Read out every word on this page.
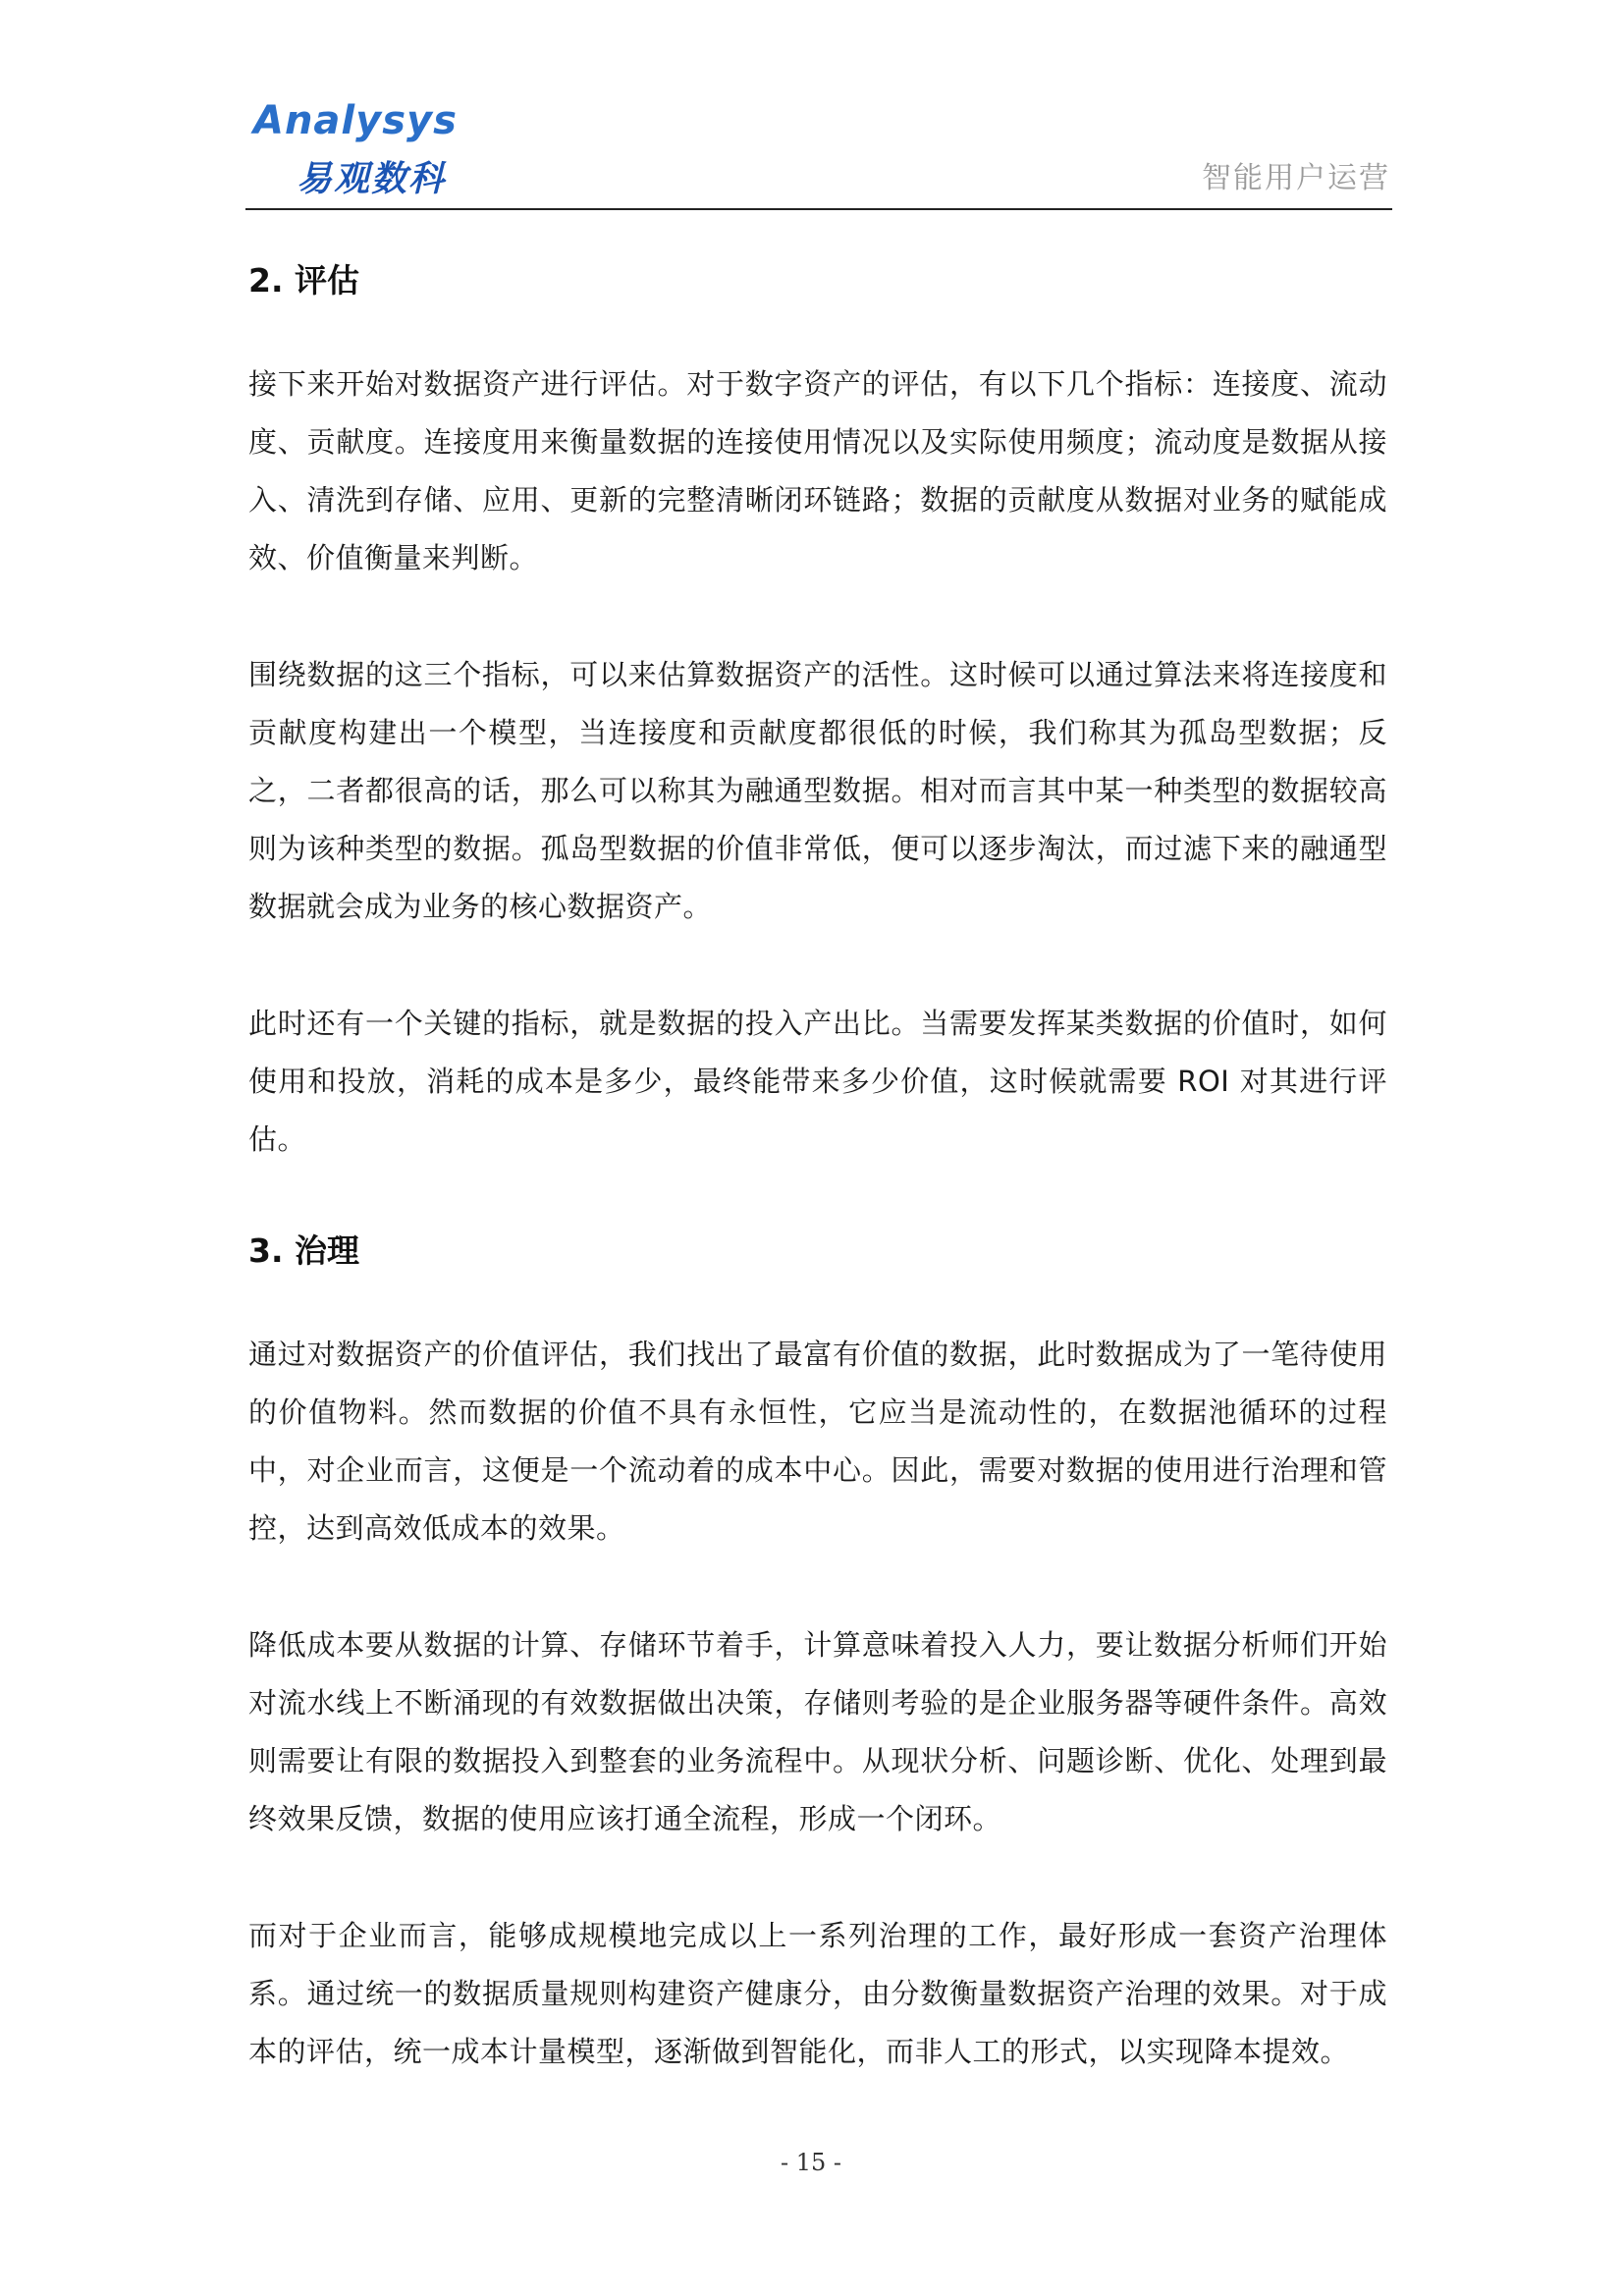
Analysys
易观数科	智能用户运营
2. 评估

接下来开始对数据资产进行评估。对于数字资产的评估，有以下几个指标：连接度、流动度、贡献度。连接度用来衡量数据的连接使用情况以及实际使用频度；流动度是数据从接入、清洗到存储、应用、更新的完整清晰闭环链路；数据的贡献度从数据对业务的赋能成效、价值衡量来判断。

围绕数据的这三个指标，可以来估算数据资产的活性。这时候可以通过算法来将连接度和贡献度构建出一个模型，当连接度和贡献度都很低的时候，我们称其为孤岛型数据；反之，二者都很高的话，那么可以称其为融通型数据。相对而言其中某一种类型的数据较高则为该种类型的数据。孤岛型数据的价值非常低，便可以逐步淘汰，而过滤下来的融通型数据就会成为业务的核心数据资产。

此时还有一个关键的指标，就是数据的投入产出比。当需要发挥某类数据的价值时，如何使用和投放，消耗的成本是多少，最终能带来多少价值，这时候就需要 ROI 对其进行评估。

3. 治理

通过对数据资产的价值评估，我们找出了最富有价值的数据，此时数据成为了一笔待使用的价值物料。然而数据的价值不具有永恒性，它应当是流动性的，在数据池循环的过程中，对企业而言，这便是一个流动着的成本中心。因此，需要对数据的使用进行治理和管控，达到高效低成本的效果。

降低成本要从数据的计算、存储环节着手，计算意味着投入人力，要让数据分析师们开始对流水线上不断涌现的有效数据做出决策，存储则考验的是企业服务器等硬件条件。高效则需要让有限的数据投入到整套的业务流程中。从现状分析、问题诊断、优化、处理到最终效果反馈，数据的使用应该打通全流程，形成一个闭环。

而对于企业而言，能够成规模地完成以上一系列治理的工作，最好形成一套资产治理体系。通过统一的数据质量规则构建资产健康分，由分数衡量数据资产治理的效果。对于成本的评估，统一成本计量模型，逐渐做到智能化，而非人工的形式，以实现降本提效。

- 15 -
